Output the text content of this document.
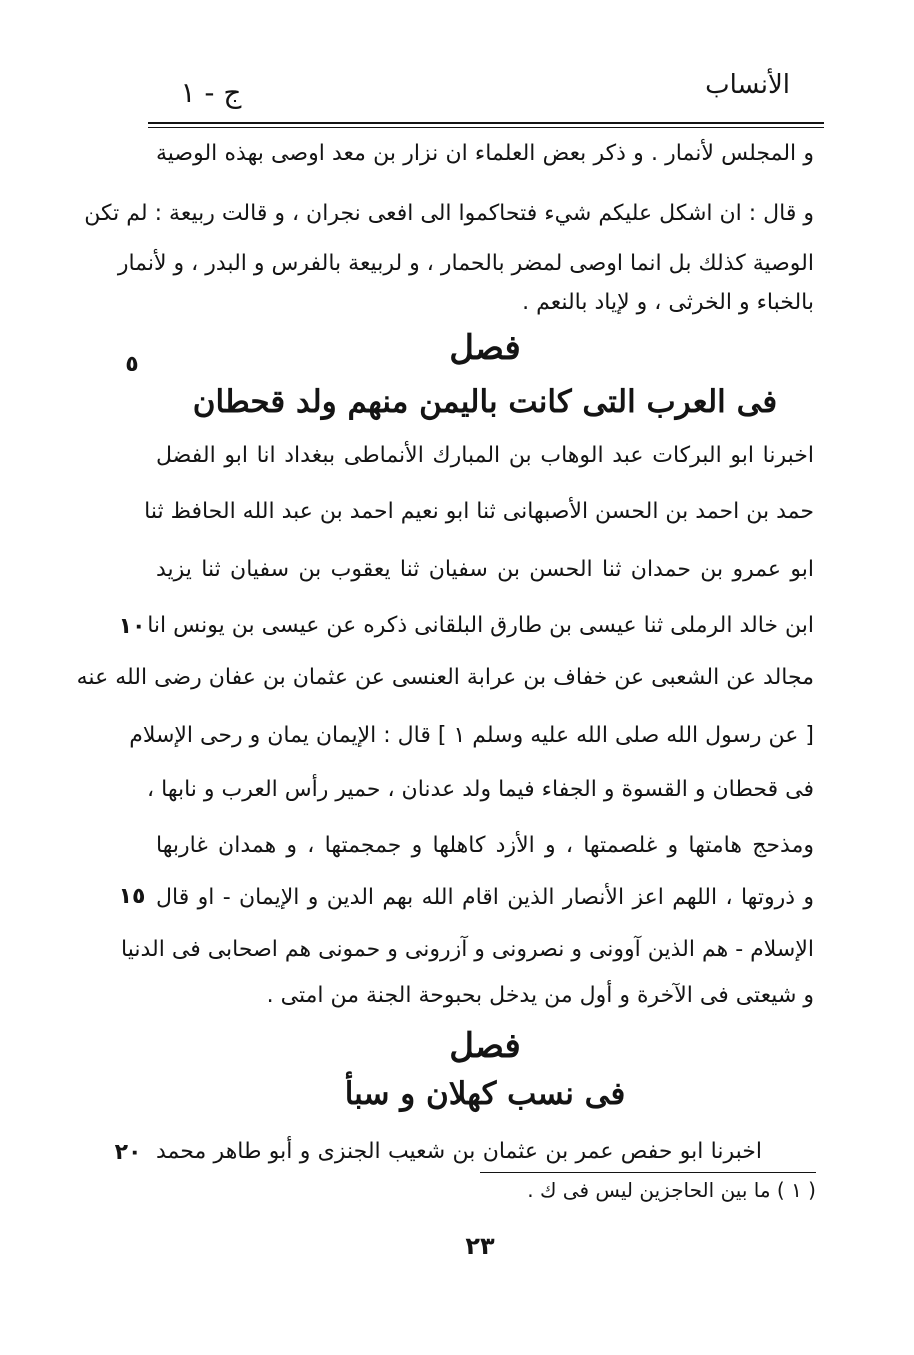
ج - ١	الأنساب
و المجلس لأنمار . و ذكر بعض العلماء ان نزار بن معد اوصى بهذه الوصية
و قال : ان اشكل عليكم شيء فتحاكموا الى افعى نجران ، و قالت ربيعة : لم تكن
الوصية كذلك بل انما اوصى لمضر بالحمار ، و لربيعة بالفرس و البدر ، و لأنمار
بالخباء و الخرثى ، و لإياد بالنعم .
فصل
٥
فى العرب التى كانت باليمن منهم ولد قحطان
اخبرنا ابو البركات عبد الوهاب بن المبارك الأنماطى ببغداد انا ابو الفضل
حمد بن احمد بن الحسن الأصبهانى ثنا ابو نعيم احمد بن عبد الله الحافظ ثنا
ابو عمرو بن حمدان ثنا الحسن بن سفيان ثنا يعقوب بن سفيان ثنا يزيد
ابن خالد الرملى ثنا عيسى بن طارق البلقانى ذكره عن عيسى بن يونس انا
١٠
مجالد عن الشعبى عن خفاف بن عرابة العنسى عن عثمان بن عفان رضى الله عنه
[ عن رسول الله صلى الله عليه وسلم ١ ] قال : الإيمان يمان و رحى الإسلام
فى قحطان و القسوة و الجفاء فيما ولد عدنان ، حمير رأس العرب و نابها ،
ومذحج هامتها و غلصمتها ، و الأزد كاهلها و جمجمتها ، و همدان غاربها
و ذروتها ، اللهم اعز الأنصار الذين اقام الله بهم الدين و الإيمان - او قال
١٥
الإسلام - هم الذين آوونى و نصرونى و آزرونى و حمونى هم اصحابى فى الدنيا
و شيعتى فى الآخرة و أول من يدخل بحبوحة الجنة من امتى .
فصل
فى نسب كهلان و سبأ
اخبرنا ابو حفص عمر بن عثمان بن شعيب الجنزى و أبو طاهر محمد
٢٠
( ١ ) ما بين الحاجزين ليس فى ك .
٢٣
